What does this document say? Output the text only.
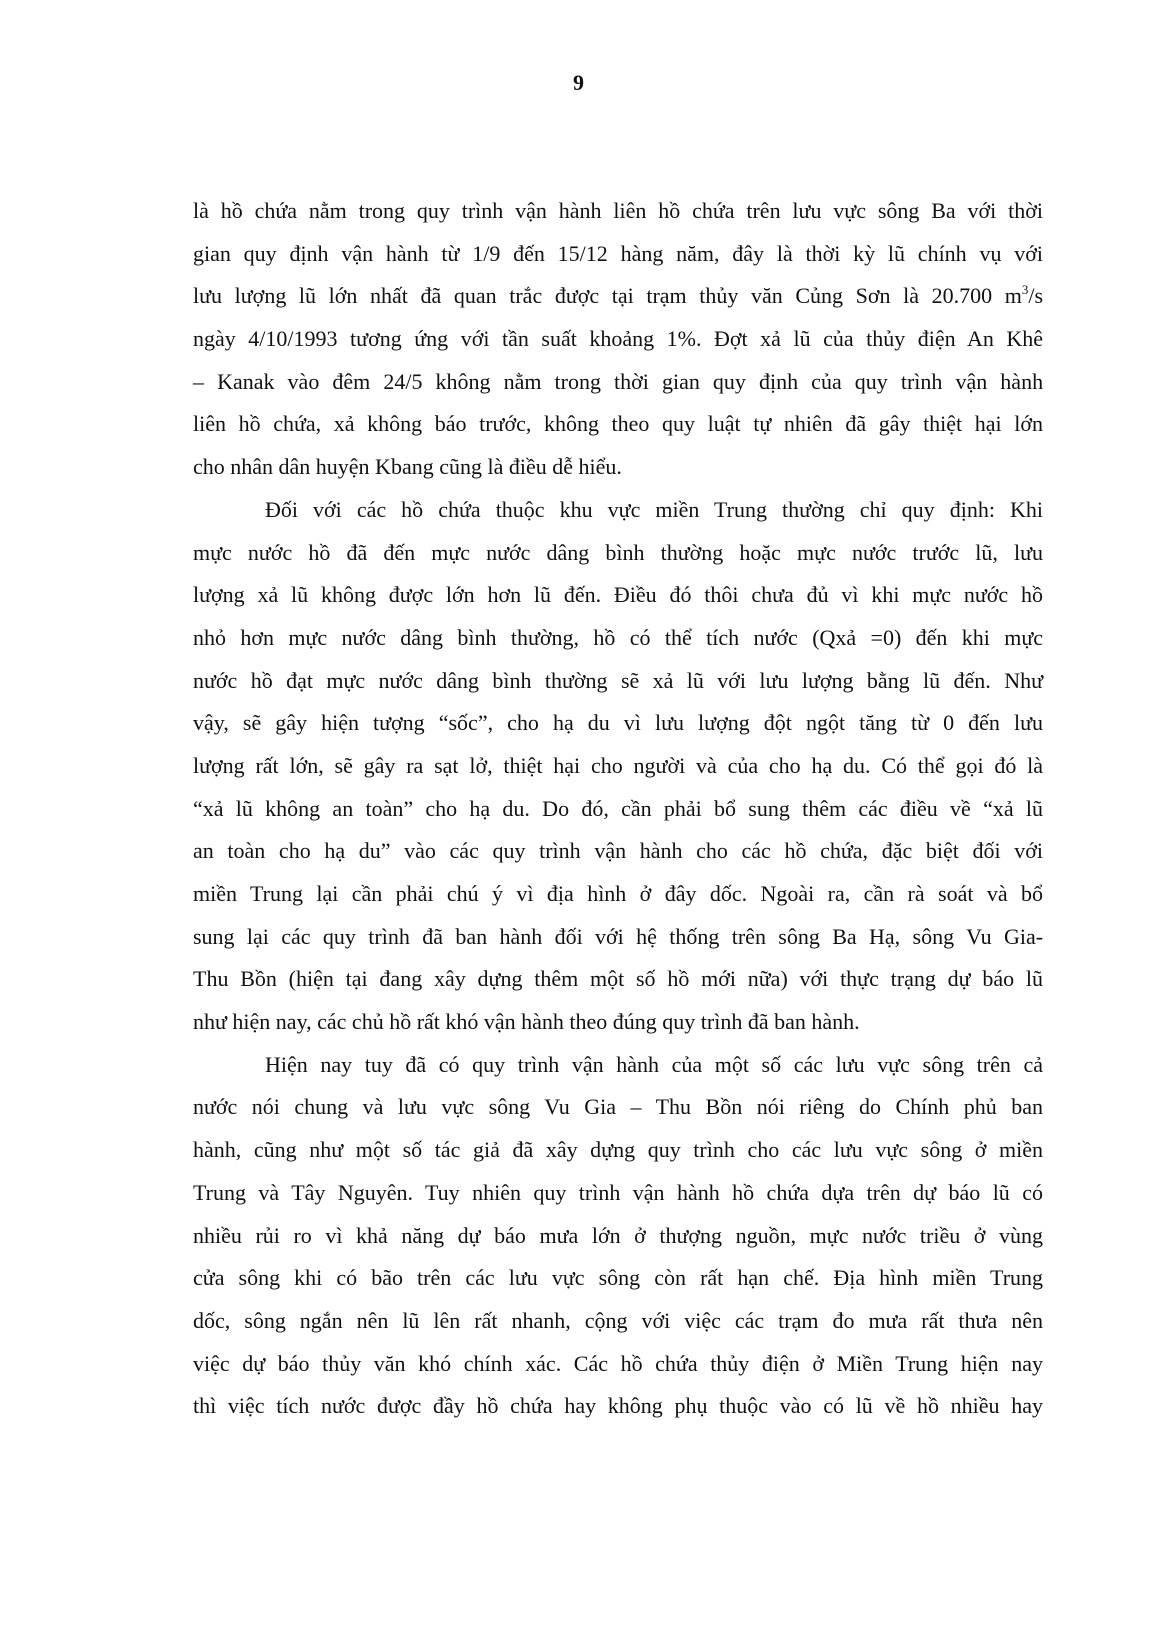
9
là hồ chứa nằm trong quy trình vận hành liên hồ chứa trên lưu vực sông Ba với thời
gian quy định vận hành từ 1/9 đến 15/12 hàng năm, đây là thời kỳ lũ chính vụ với
lưu lượng lũ lớn nhất đã quan trắc được tại trạm thủy văn Củng Sơn là 20.700 $m^3/s$
ngày 4/10/1993 tương ứng với tần suất khoảng 1%. Đợt xả lũ của thủy điện An Khê
– Kanak vào đêm 24/5 không nằm trong thời gian quy định của quy trình vận hành
liên hồ chứa, xả không báo trước, không theo quy luật tự nhiên đã gây thiệt hại lớn
cho nhân dân huyện Kbang cũng là điều dễ hiểu.
Đối với các hồ chứa thuộc khu vực miền Trung thường chỉ quy định: Khi
mực nước hồ đã đến mực nước dâng bình thường hoặc mực nước trước lũ, lưu
lượng xả lũ không được lớn hơn lũ đến. Điều đó thôi chưa đủ vì khi mực nước hồ
nhỏ hơn mực nước dâng bình thường, hồ có thể tích nước (Qxả =0) đến khi mực
nước hồ đạt mực nước dâng bình thường sẽ xả lũ với lưu lượng bằng lũ đến. Như
vậy, sẽ gây hiện tượng “sốc”, cho hạ du vì lưu lượng đột ngột tăng từ 0 đến lưu
lượng rất lớn, sẽ gây ra sạt lở, thiệt hại cho người và của cho hạ du. Có thể gọi đó là
“xả lũ không an toàn” cho hạ du. Do đó, cần phải bổ sung thêm các điều về “xả lũ
an toàn cho hạ du” vào các quy trình vận hành cho các hồ chứa, đặc biệt đối với
miền Trung lại cần phải chú ý vì địa hình ở đây dốc. Ngoài ra, cần rà soát và bổ
sung lại các quy trình đã ban hành đối với hệ thống trên sông Ba Hạ, sông Vu Gia-
Thu Bồn (hiện tại đang xây dựng thêm một số hồ mới nữa) với thực trạng dự báo lũ
như hiện nay, các chủ hồ rất khó vận hành theo đúng quy trình đã ban hành.
Hiện nay tuy đã có quy trình vận hành của một số các lưu vực sông trên cả
nước nói chung và lưu vực sông Vu Gia – Thu Bồn nói riêng do Chính phủ ban
hành, cũng như một số tác giả đã xây dựng quy trình cho các lưu vực sông ở miền
Trung và Tây Nguyên. Tuy nhiên quy trình vận hành hồ chứa dựa trên dự báo lũ có
nhiều rủi ro vì khả năng dự báo mưa lớn ở thượng nguồn, mực nước triều ở vùng
cửa sông khi có bão trên các lưu vực sông còn rất hạn chế. Địa hình miền Trung
dốc, sông ngắn nên lũ lên rất nhanh, cộng với việc các trạm đo mưa rất thưa nên
việc dự báo thủy văn khó chính xác. Các hồ chứa thủy điện ở Miền Trung hiện nay
thì việc tích nước được đầy hồ chứa hay không phụ thuộc vào có lũ về hồ nhiều hay
